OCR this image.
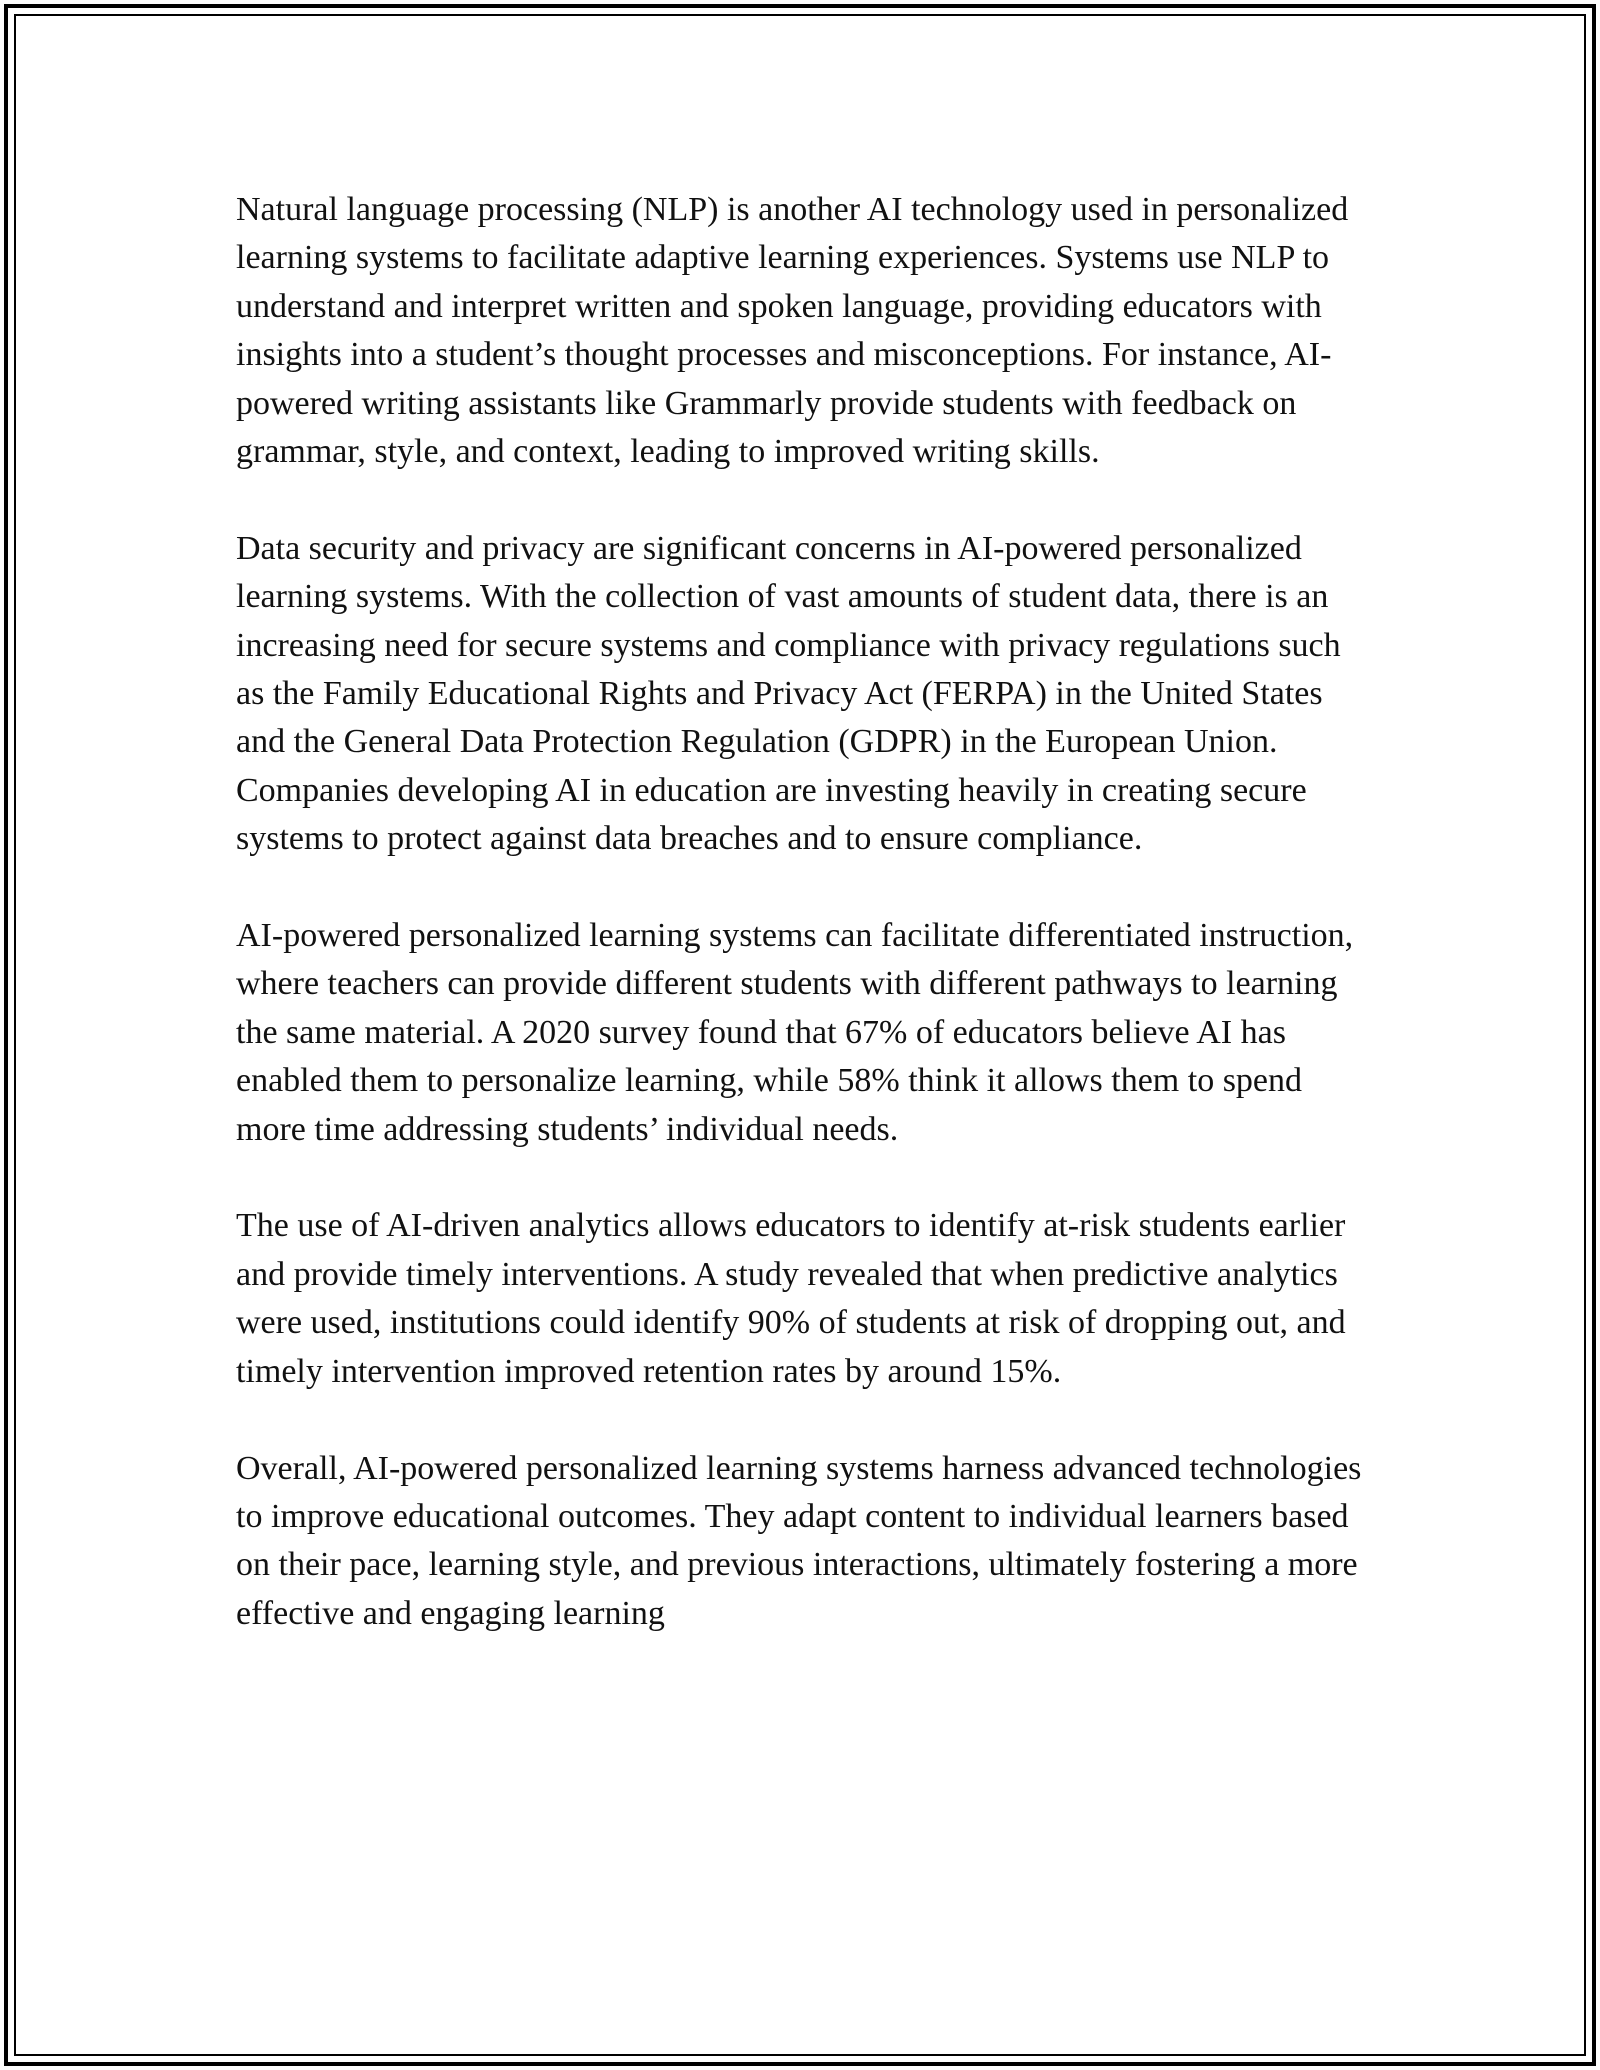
Natural language processing (NLP) is another AI technology used in personalized learning systems to facilitate adaptive learning experiences. Systems use NLP to understand and interpret written and spoken language, providing educators with insights into a student’s thought processes and misconceptions. For instance, AI-powered writing assistants like Grammarly provide students with feedback on grammar, style, and context, leading to improved writing skills.

Data security and privacy are significant concerns in AI-powered personalized learning systems. With the collection of vast amounts of student data, there is an increasing need for secure systems and compliance with privacy regulations such as the Family Educational Rights and Privacy Act (FERPA) in the United States and the General Data Protection Regulation (GDPR) in the European Union. Companies developing AI in education are investing heavily in creating secure systems to protect against data breaches and to ensure compliance.

AI-powered personalized learning systems can facilitate differentiated instruction, where teachers can provide different students with different pathways to learning the same material. A 2020 survey found that 67% of educators believe AI has enabled them to personalize learning, while 58% think it allows them to spend more time addressing students’ individual needs.

The use of AI-driven analytics allows educators to identify at-risk students earlier and provide timely interventions. A study revealed that when predictive analytics were used, institutions could identify 90% of students at risk of dropping out, and timely intervention improved retention rates by around 15%.

Overall, AI-powered personalized learning systems harness advanced technologies to improve educational outcomes. They adapt content to individual learners based on their pace, learning style, and previous interactions, ultimately fostering a more effective and engaging learning
